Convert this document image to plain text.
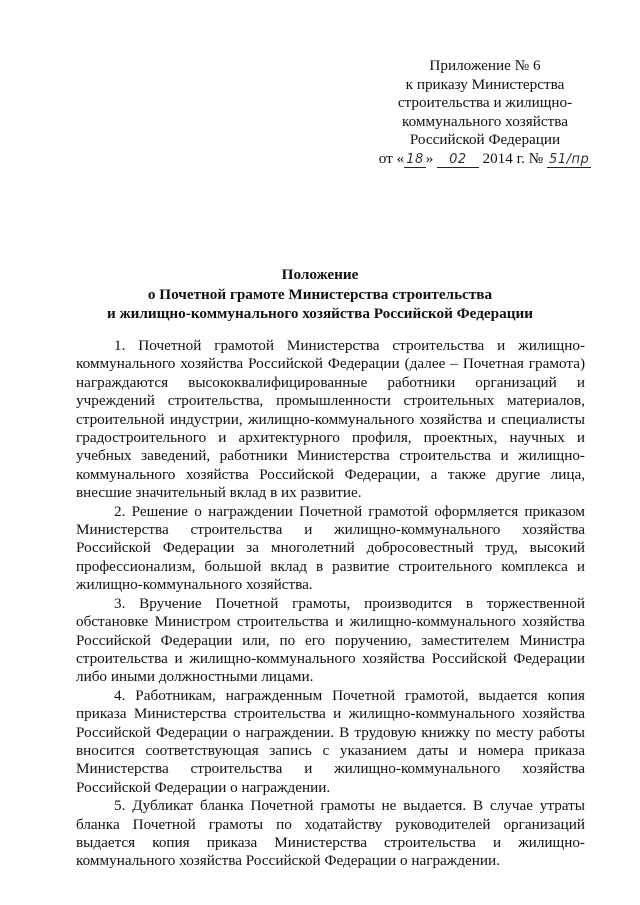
Приложение № 6
к приказу Министерства
строительства и жилищно-
коммунального хозяйства
Российской Федерации
от « 18 » 02 2014 г. № 51/пр
Положение
о Почетной грамоте Министерства строительства
и жилищно-коммунального хозяйства Российской Федерации

1. Почетной грамотой Министерства строительства и жилищно-коммунального хозяйства Российской Федерации (далее – Почетная грамота) награждаются высококвалифицированные работники организаций и учреждений строительства, промышленности строительных материалов, строительной индустрии, жилищно-коммунального хозяйства и специалисты градостроительного и архитектурного профиля, проектных, научных и учебных заведений, работники Министерства строительства и жилищно-коммунального хозяйства Российской Федерации, а также другие лица, внесшие значительный вклад в их развитие.

2. Решение о награждении Почетной грамотой оформляется приказом Министерства строительства и жилищно-коммунального хозяйства Российской Федерации за многолетний добросовестный труд, высокий профессионализм, большой вклад в развитие строительного комплекса и жилищно-коммунального хозяйства.

3. Вручение Почетной грамоты, производится в торжественной обстановке Министром строительства и жилищно-коммунального хозяйства Российской Федерации или, по его поручению, заместителем Министра строительства и жилищно-коммунального хозяйства Российской Федерации либо иными должностными лицами.

4. Работникам, награжденным Почетной грамотой, выдается копия приказа Министерства строительства и жилищно-коммунального хозяйства Российской Федерации о награждении. В трудовую книжку по месту работы вносится соответствующая запись с указанием даты и номера приказа Министерства строительства и жилищно-коммунального хозяйства Российской Федерации о награждении.

5. Дубликат бланка Почетной грамоты не выдается. В случае утраты бланка Почетной грамоты по ходатайству руководителей организаций выдается копия приказа Министерства строительства и жилищно-коммунального хозяйства Российской Федерации о награждении.
